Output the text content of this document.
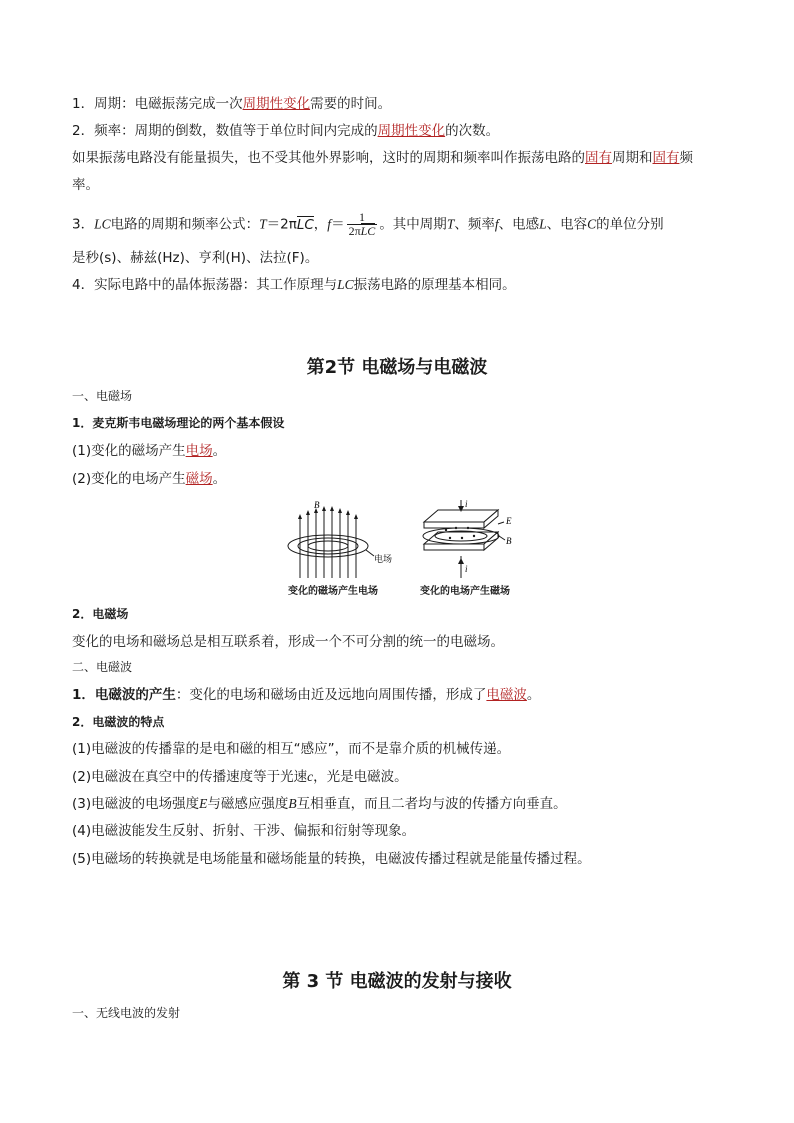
1．周期：电磁振荡完成一次周期性变化需要的时间。
2．频率：周期的倒数，数值等于单位时间内完成的周期性变化的次数。
如果振荡电路没有能量损失，也不受其他外界影响，这时的周期和频率叫作振荡电路的固有周期和固有频
率。
3．LC电路的周期和频率公式：T＝2πLC，$f= \frac{1}{\text{2πLC}}$ 。其中周期T、频率f、电感L、电容C的单位分别
是秒(s)、赫兹(Hz)、亨利(H)、法拉(F)。
4．实际电路中的晶体振荡器：其工作原理与LC振荡电路的原理基本相同。
第2节 电磁场与电磁波
一、电磁场
1．麦克斯韦电磁场理论的两个基本假设
(1)变化的磁场产生电场。
(2)变化的电场产生磁场。
B
电场
变化的磁场产生电场
i
E
B
i
变化的电场产生磁场
2．电磁场
变化的电场和磁场总是相互联系着，形成一个不可分割的统一的电磁场。
二、电磁波
1．电磁波的产生：变化的电场和磁场由近及远地向周围传播，形成了电磁波。
2．电磁波的特点
(1)电磁波的传播靠的是电和磁的相互“感应”，而不是靠介质的机械传递。
(2)电磁波在真空中的传播速度等于光速c，光是电磁波。
(3)电磁波的电场强度E与磁感应强度B互相垂直，而且二者均与波的传播方向垂直。
(4)电磁波能发生反射、折射、干涉、偏振和衍射等现象。
(5)电磁场的转换就是电场能量和磁场能量的转换，电磁波传播过程就是能量传播过程。
第 3 节 电磁波的发射与接收
一、无线电波的发射
